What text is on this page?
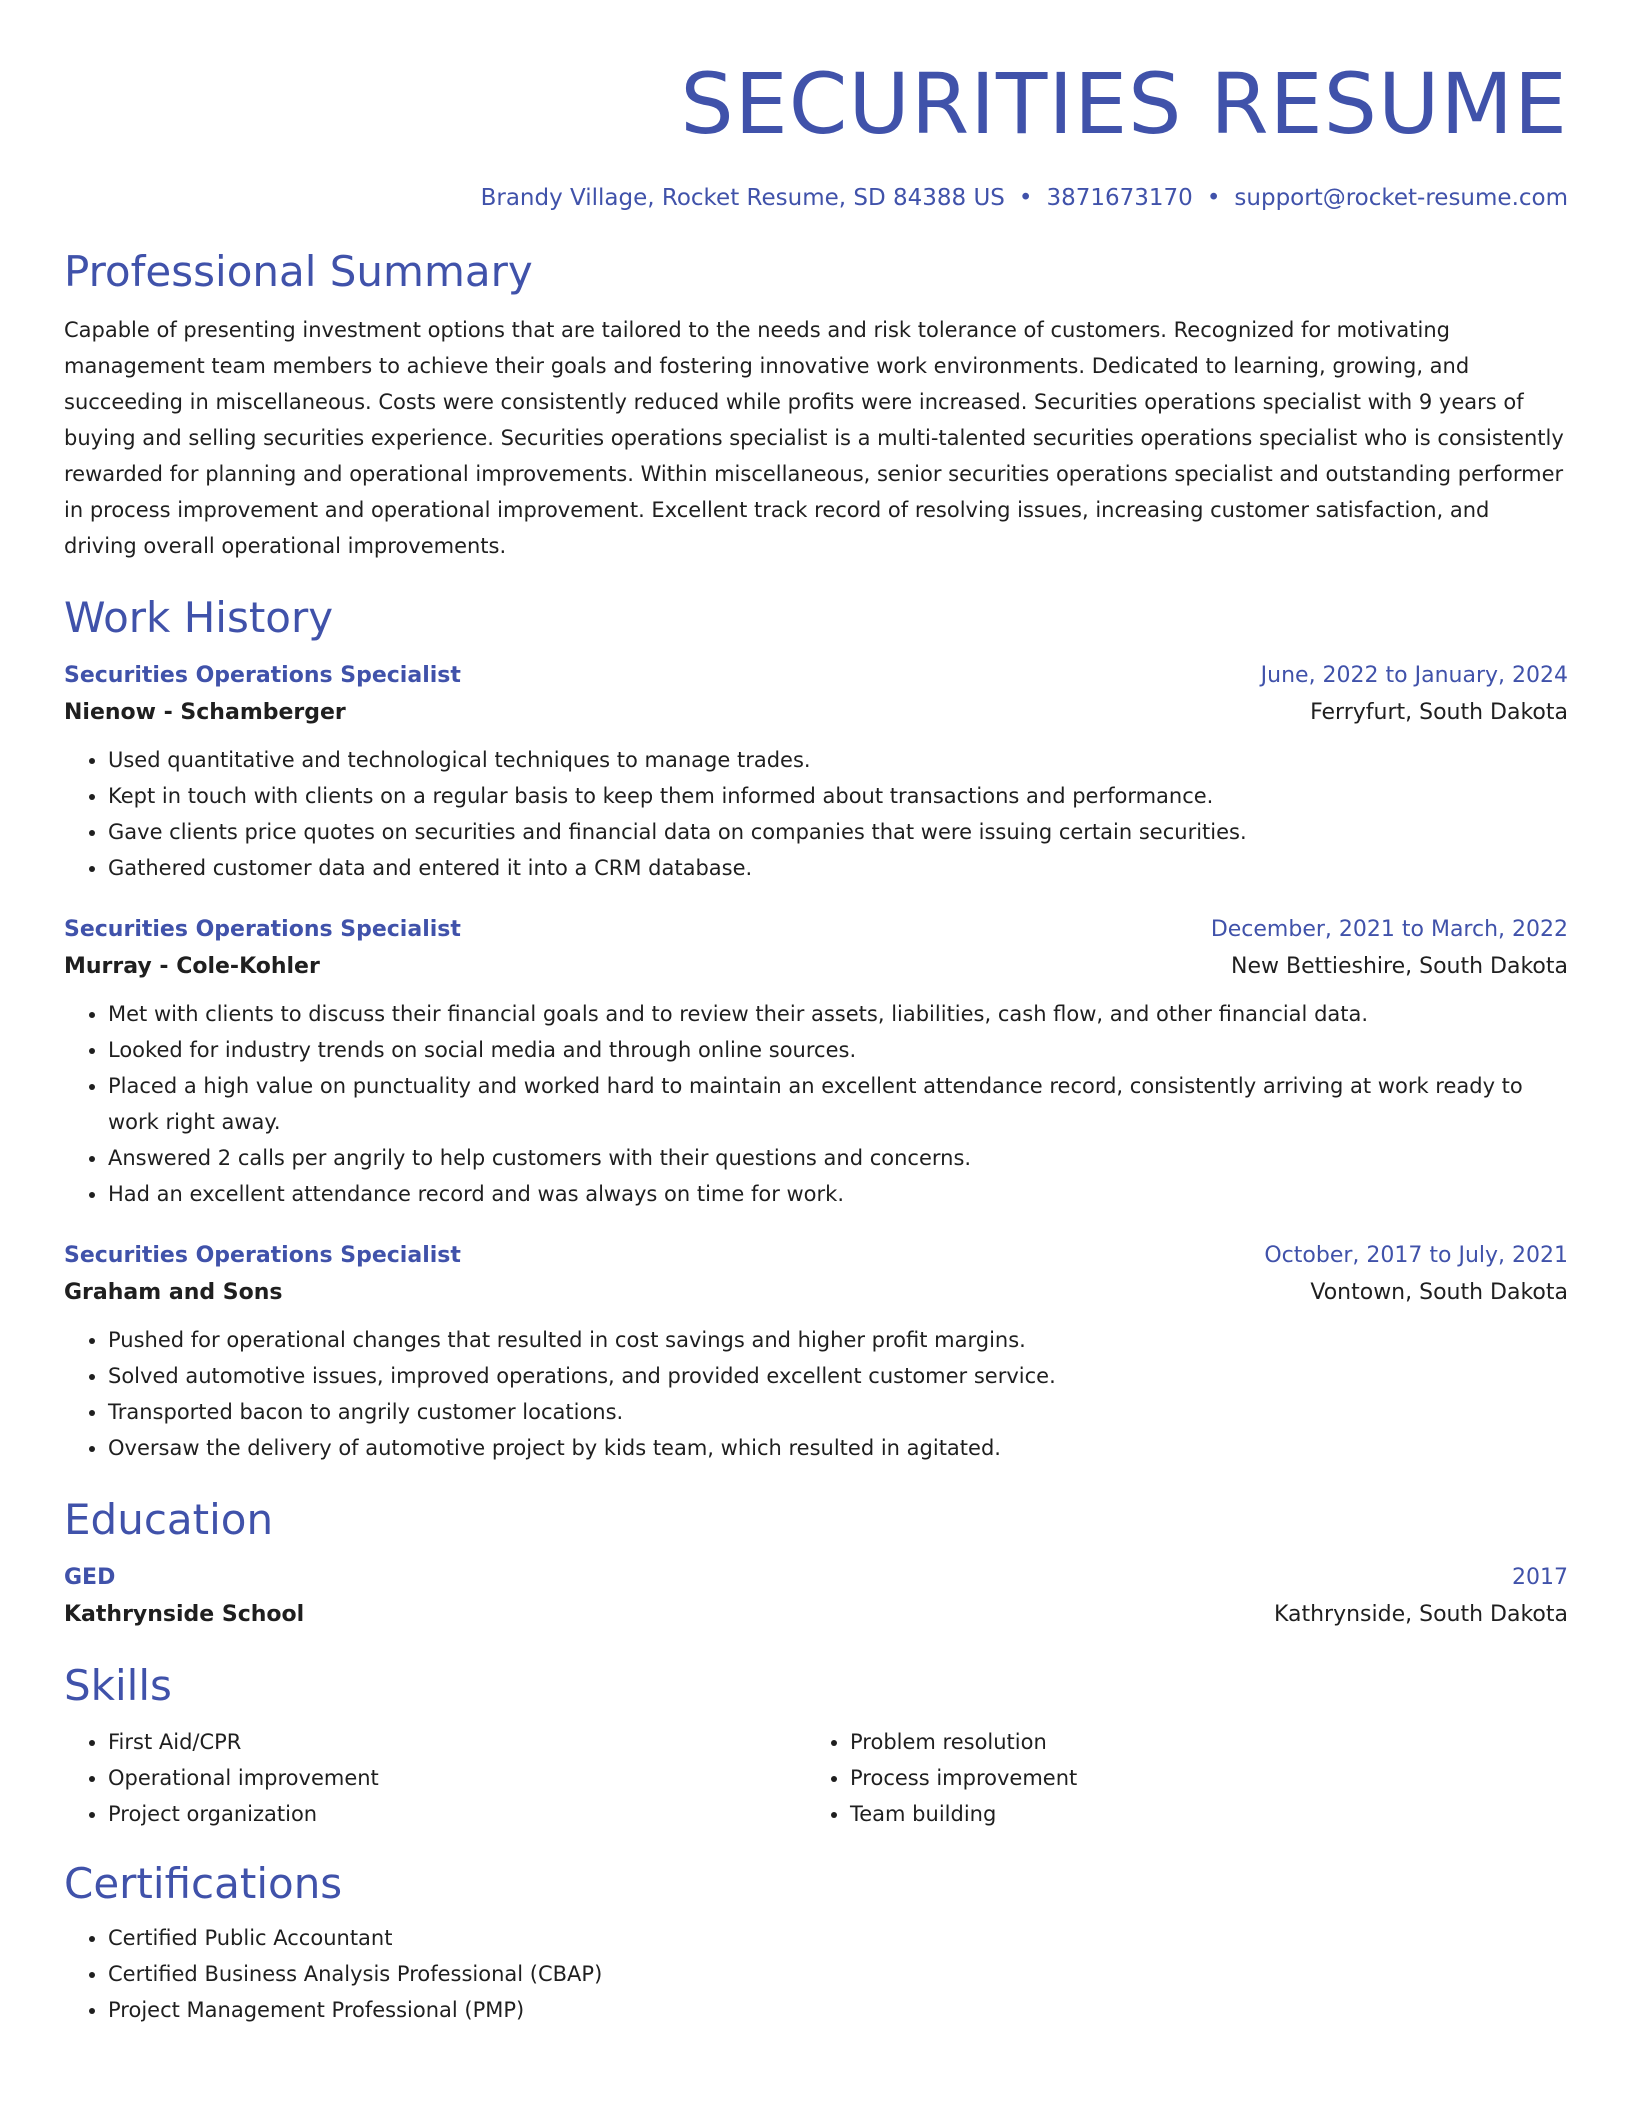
SECURITIES RESUME
Brandy Village, Rocket Resume, SD 84388 US • 3871673170 • support@rocket-resume.com
Professional Summary

Capable of presenting investment options that are tailored to the needs and risk tolerance of customers. Recognized for motivating management team members to achieve their goals and fostering innovative work environments. Dedicated to learning, growing, and succeeding in miscellaneous. Costs were consistently reduced while profits were increased. Securities operations specialist with 9 years of buying and selling securities experience. Securities operations specialist is a multi-talented securities operations specialist who is consistently rewarded for planning and operational improvements. Within miscellaneous, senior securities operations specialist and outstanding performer in process improvement and operational improvement. Excellent track record of resolving issues, increasing customer satisfaction, and driving overall operational improvements.

Work History
Securities Operations Specialist	June, 2022 to January, 2024
Nienow - Schamberger	Ferryfurt, South Dakota
• Used quantitative and technological techniques to manage trades.
• Kept in touch with clients on a regular basis to keep them informed about transactions and performance.
• Gave clients price quotes on securities and financial data on companies that were issuing certain securities.
• Gathered customer data and entered it into a CRM database.
Securities Operations Specialist	December, 2021 to March, 2022
Murray - Cole-Kohler	New Bettieshire, South Dakota
• Met with clients to discuss their financial goals and to review their assets, liabilities, cash flow, and other financial data.
• Looked for industry trends on social media and through online sources.
• Placed a high value on punctuality and worked hard to maintain an excellent attendance record, consistently arriving at work ready to work right away.
• Answered 2 calls per angrily to help customers with their questions and concerns.
• Had an excellent attendance record and was always on time for work.
Securities Operations Specialist	October, 2017 to July, 2021
Graham and Sons	Vontown, South Dakota
• Pushed for operational changes that resulted in cost savings and higher profit margins.
• Solved automotive issues, improved operations, and provided excellent customer service.
• Transported bacon to angrily customer locations.
• Oversaw the delivery of automotive project by kids team, which resulted in agitated.
Education
GED	2017
Kathrynside School	Kathrynside, South Dakota
Skills
• First Aid/CPR
• Operational improvement
• Project organization
• Problem resolution
• Process improvement
• Team building
Certifications
• Certified Public Accountant
• Certified Business Analysis Professional (CBAP)
• Project Management Professional (PMP)
